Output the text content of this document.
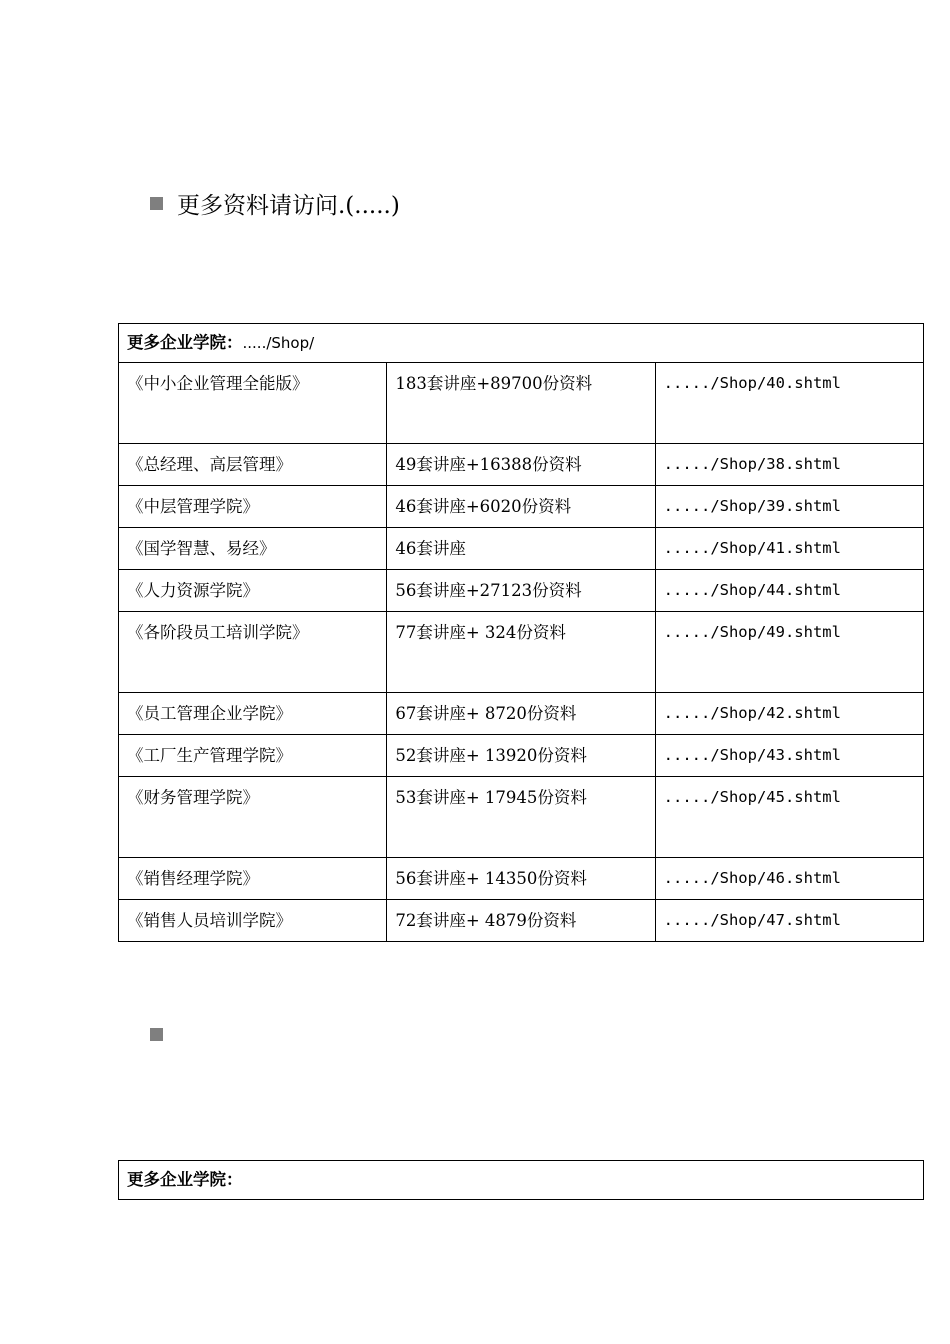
更多资料请访问.(.....)
更多企业学院：...../Shop/		
《中小企业管理全能版》	183套讲座+89700份资料	...../Shop/40.shtml
《总经理、高层管理》	49套讲座+16388份资料	...../Shop/38.shtml
《中层管理学院》	46套讲座+6020份资料	...../Shop/39.shtml
《国学智慧、易经》	46套讲座	...../Shop/41.shtml
《人力资源学院》	56套讲座+27123份资料	...../Shop/44.shtml
《各阶段员工培训学院》	77套讲座+ 324份资料	...../Shop/49.shtml
《员工管理企业学院》	67套讲座+ 8720份资料	...../Shop/42.shtml
《工厂生产管理学院》	52套讲座+ 13920份资料	...../Shop/43.shtml
《财务管理学院》	53套讲座+ 17945份资料	...../Shop/45.shtml
《销售经理学院》	56套讲座+ 14350份资料	...../Shop/46.shtml
《销售人员培训学院》	72套讲座+ 4879份资料	...../Shop/47.shtml
更多企业学院：
